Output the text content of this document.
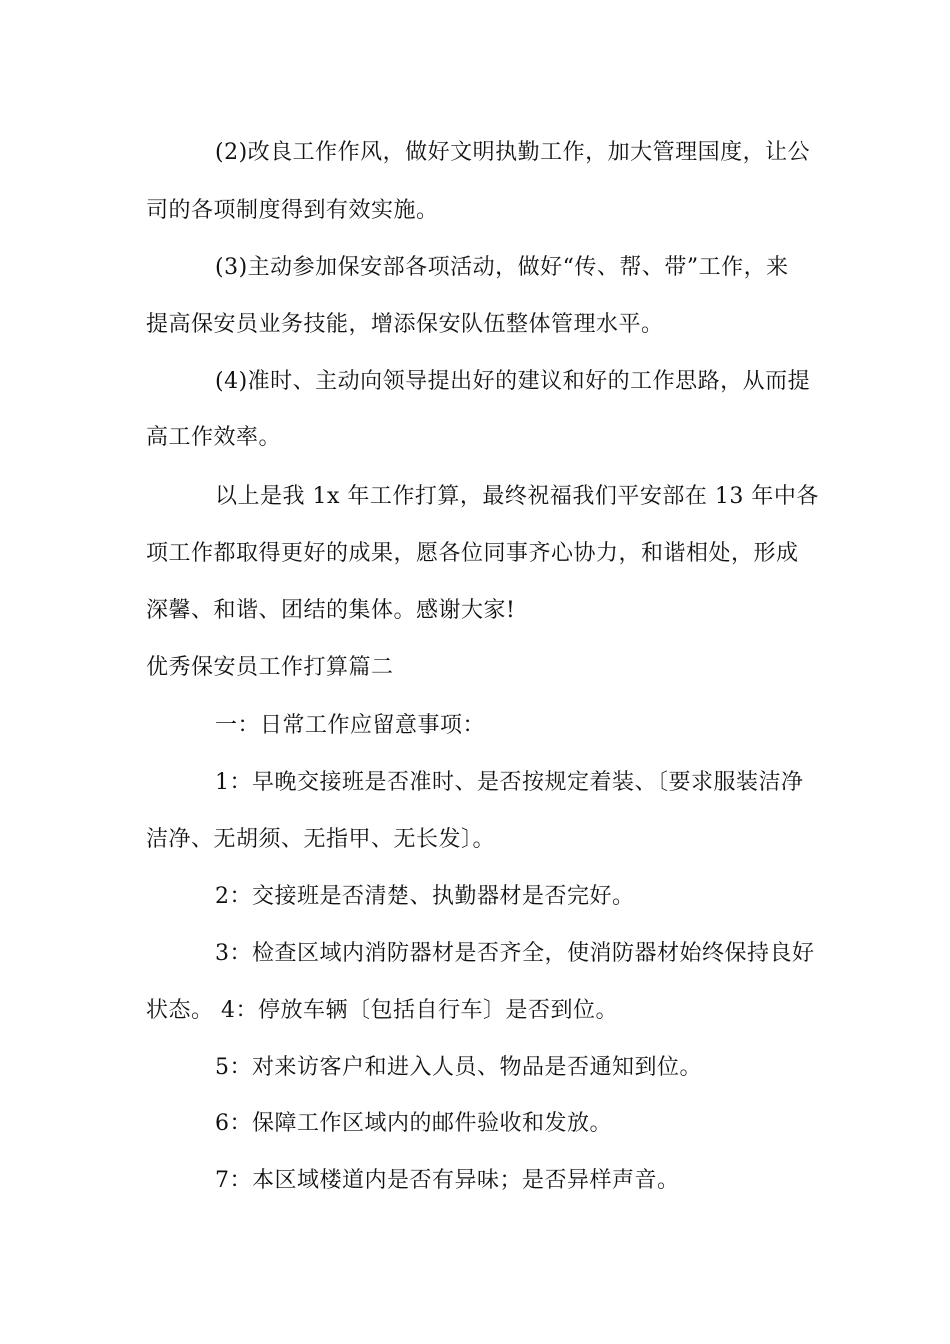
(2)改良工作作风，做好文明执勤工作，加大管理国度，让公
司的各项制度得到有效实施。
(3)主动参加保安部各项活动，做好“传、帮、带”工作，来
提高保安员业务技能，增添保安队伍整体管理水平。
(4)准时、主动向领导提出好的建议和好的工作思路，从而提
高工作效率。
以上是我 1x 年工作打算，最终祝福我们平安部在 13 年中各
项工作都取得更好的成果，愿各位同事齐心协力，和谐相处，形成
深馨、和谐、团结的集体。感谢大家!
优秀保安员工作打算篇二
一：日常工作应留意事项：
1：早晚交接班是否准时、是否按规定着装、〔要求服装洁净
洁净、无胡须、无指甲、无长发〕。
2：交接班是否清楚、执勤器材是否完好。
3：检查区域内消防器材是否齐全，使消防器材始终保持良好
状态。 4：停放车辆〔包括自行车〕是否到位。
5：对来访客户和进入人员、物品是否通知到位。
6：保障工作区域内的邮件验收和发放。
7：本区域楼道内是否有异味；是否异样声音。
